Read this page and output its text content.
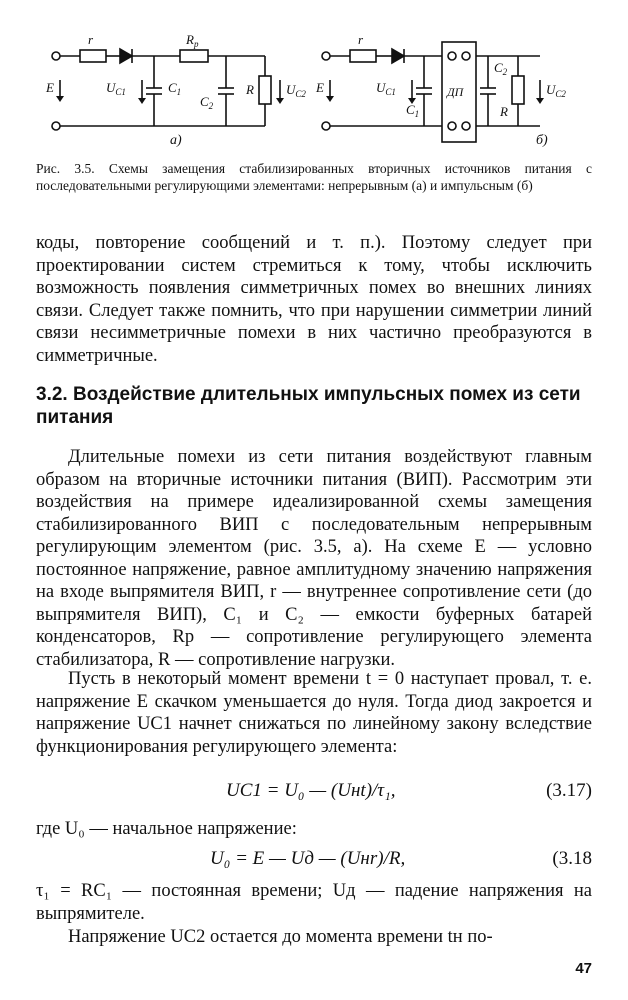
r	$R_p$
E	$U_{C1}$	$C_1$
$C_2$
R $U_{C2}$
a)
r
E	$U_{C1}$
$C_1$
ДП
$C_2$
R
$U_{C2}$
б)
Рис. 3.5. Схемы замещения стабилизированных вторичных источников питания с последовательными регулирующими элементами: непрерывным (а) и импульсным (б)

коды, повторение сообщений и т. п.). Поэтому следует при проектировании систем стремиться к тому, чтобы исключить возможность появления симметричных помех во внешних линиях связи. Следует также помнить, что при нарушении симметрии линий связи несимметричные помехи в них частично преобразуются в симметричные.

3.2. Воздействие длительных импульсных помех из сети питания

Длительные помехи из сети питания воздействуют главным образом на вторичные источники питания (ВИП). Рассмотрим эти воздействия на примере идеализированной схемы замещения стабилизированного ВИП с последовательным непрерывным регулирующим элементом (рис. 3.5, а). На схеме E — условно постоянное напряжение, равное амплитудному значению напряжения на входе выпрямителя ВИП, r — внутреннее сопротивление сети (до выпрямителя ВИП), C₁ и C₂ — емкости буферных батарей конденсаторов, Rр — сопротивление регулирующего элемента стабилизатора, R — сопротивление нагрузки.

Пусть в некоторый момент времени t = 0 наступает провал, т. е. напряжение E скачком уменьшается до нуля. Тогда диод закроется и напряжение UC1 начнет снижаться по линейному закону вследствие функционирования регулирующего элемента:

UC1 = U₀ — (Uнt)/τ₁,	(3.17)

где U₀ — начальное напряжение:

U₀ = E — Uд — (Uнr)/R,	(3.18

τ₁ = RC₁ — постоянная времени; Uд — падение напряжения на выпрямителе.

Напряжение UC2 остается до момента времени tн по-

47
